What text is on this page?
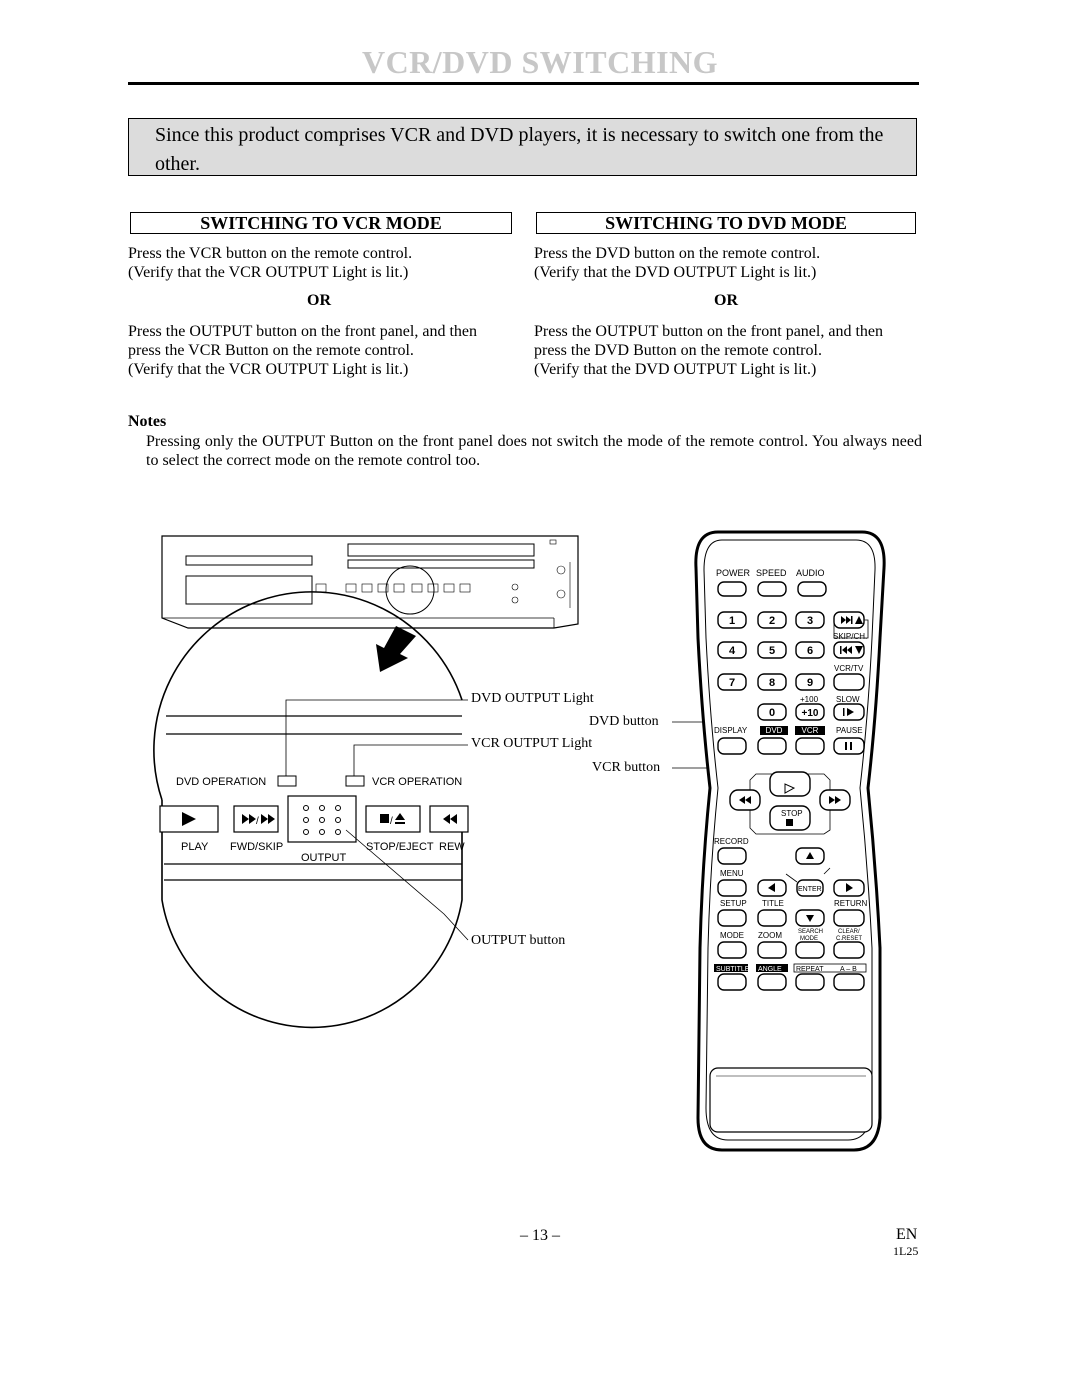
VCR/DVD SWITCHING
Since this product comprises VCR and DVD players, it is necessary to switch one from the other.
SWITCHING TO VCR MODE
Press the VCR button on the remote control.
(Verify that the VCR OUTPUT Light is lit.)
OR
Press the OUTPUT button on the front panel, and then
press the VCR Button on the remote control.
(Verify that the VCR OUTPUT Light is lit.)
SWITCHING TO DVD MODE
Press the DVD button on the remote control.
(Verify that the DVD OUTPUT Light is lit.)
OR
Press the OUTPUT button on the front panel, and then
press the DVD Button on the remote control.
(Verify that the DVD OUTPUT Light is lit.)
Notes
Pressing only the OUTPUT Button on the front panel does not switch the mode of the remote control. You always need to select the correct mode on the remote control too.
DVD OPERATION	VCR OPERATION
/	/
PLAY FWD/SKIP
OUTPUT
STOP/EJECT REW
DVD OUTPUT Light
DVD button
VCR OUTPUT Light
VCR button
OUTPUT button
POWER SPEED AUDIO
1	2	3
4	5	6
7	8	9
0	+10
SKIP/CH.
VCR/TV
+100 SLOW
DISPLAY DVD VCR PAUSE
STOP
RECORD
MENU
ENTER
SETUP TITLE	RETURN
MODE ZOOM	SEARCH
MODE
CLEAR/
C.RESET
SUBTITLE ANGLE REPEAT A – B
– 13 –	EN
1L25
